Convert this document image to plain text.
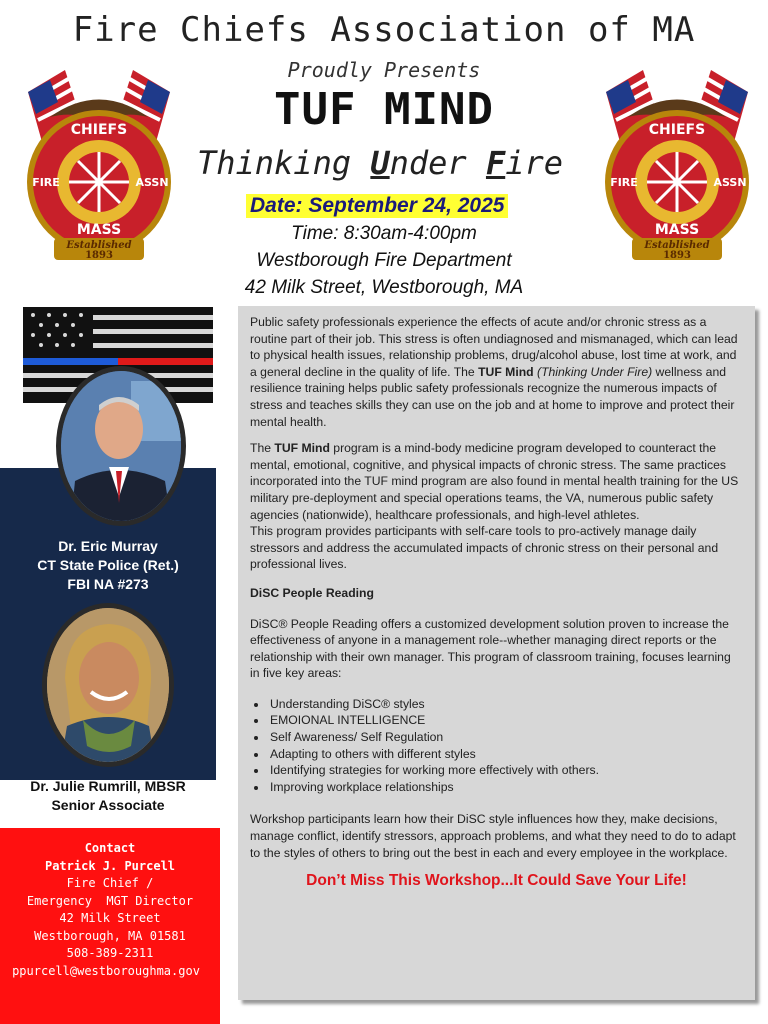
Fire Chiefs Association of MA
Proudly Presents
TUF MIND
Thinking Under Fire
Date: September 24, 2025
Time: 8:30am-4:00pm
Westborough Fire Department
42 Milk Street, Westborough, MA
CHIEFS
FIRE	ASSN
MASS
Established
1893
CHIEFS
FIRE	ASSN
MASS
Established
1893
Dr. Eric Murray
CT State Police (Ret.)
FBI NA #273
Dr. Julie Rumrill, MBSR
Senior Associate
Contact
Patrick J. Purcell
Fire Chief /
Emergency  MGT Director
42 Milk Street
Westborough, MA 01581
508-389-2311
ppurcell@westboroughma.gov

Public safety professionals experience the effects of acute and/or chronic stress as a routine part of their job. This stress is often undiagnosed and mismanaged, which can lead to physical health issues, relationship problems, drug/alcohol abuse, lost time at work, and a general decline in the quality of life. The TUF Mind (Thinking Under Fire) wellness and resilience training helps public safety professionals recognize the numerous impacts of stress and teaches skills they can use on the job and at home to improve and protect their mental health.

The TUF Mind program is a mind-body medicine program developed to counteract the mental, emotional, cognitive, and physical impacts of chronic stress. The same practices incorporated into the TUF mind program are also found in mental health training for the US military pre-deployment and special operations teams, the VA, numerous public safety agencies (nationwide), healthcare professionals, and high-level athletes.

This program provides participants with self-care tools to pro-actively manage daily stressors and address the accumulated impacts of chronic stress on their personal and professional lives.

DiSC People Reading

DiSC® People Reading offers a customized development solution proven to increase the effectiveness of anyone in a management role--whether managing direct reports or the relationship with their own manager. This program of classroom training, focuses learning in five key areas:

• Understanding DiSC® styles
• EMOIONAL INTELLIGENCE
• Self Awareness/ Self Regulation
• Adapting to others with different styles
• Identifying strategies for working more effectively with others.
• Improving workplace relationships

Workshop participants learn how their DiSC style influences how they, make decisions, manage conflict, identify stressors, approach problems, and what they need to do to adapt to the styles of others to bring out the best in each and every employee in the workplace.

Don’t Miss This Workshop...It Could Save Your Life!
